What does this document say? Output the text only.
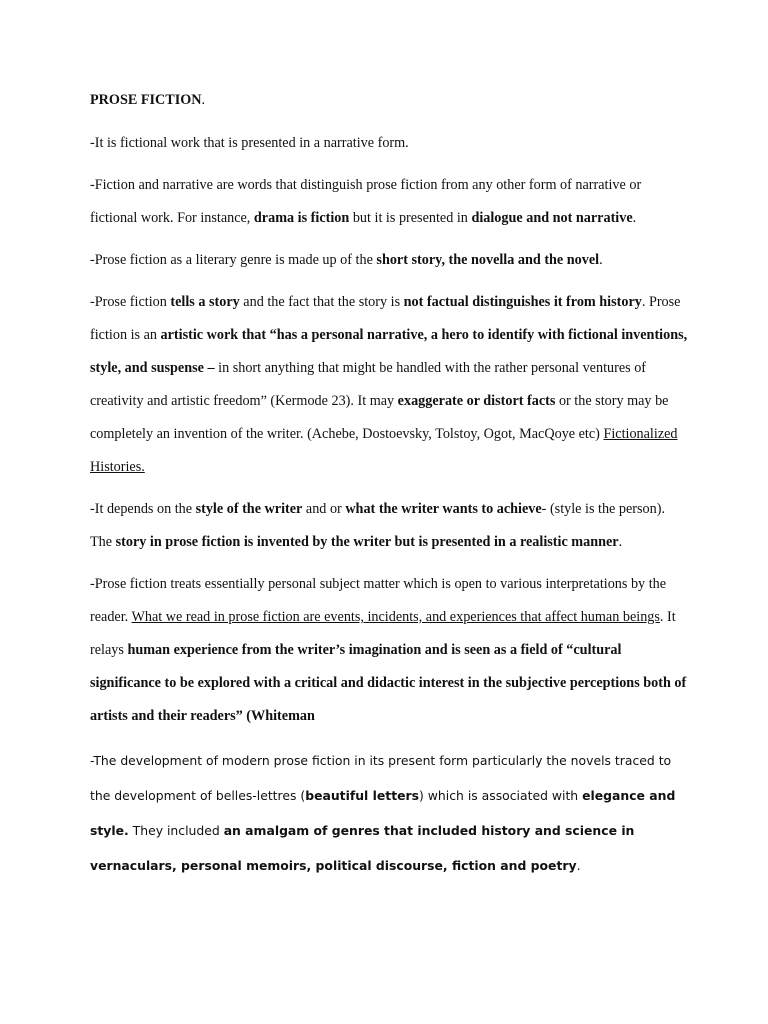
PROSE FICTION.

-It is fictional work that is presented in a narrative form.

-Fiction and narrative are words that distinguish prose fiction from any other form of narrative or fictional work. For instance, drama is fiction but it is presented in dialogue and not narrative.

-Prose fiction as a literary genre is made up of the short story, the novella and the novel.

-Prose fiction tells a story and the fact that the story is not factual distinguishes it from history. Prose fiction is an artistic work that “has a personal narrative, a hero to identify with fictional inventions, style, and suspense – in short anything that might be handled with the rather personal ventures of creativity and artistic freedom” (Kermode 23). It may exaggerate or distort facts or the story may be completely an invention of the writer. (Achebe, Dostoevsky, Tolstoy, Ogot, MacQoye etc) Fictionalized Histories.

-It depends on the style of the writer and or what the writer wants to achieve- (style is the person). The story in prose fiction is invented by the writer but is presented in a realistic manner.

-Prose fiction treats essentially personal subject matter which is open to various interpretations by the reader. What we read in prose fiction are events, incidents, and experiences that affect human beings. It relays human experience from the writer’s imagination and is seen as a field of “cultural significance to be explored with a critical and didactic interest in the subjective perceptions both of artists and their readers” (Whiteman

-The development of modern prose fiction in its present form particularly the novels traced to the development of belles-lettres (beautiful letters) which is associated with elegance and style. They included an amalgam of genres that included history and science in vernaculars, personal memoirs, political discourse, fiction and poetry.
